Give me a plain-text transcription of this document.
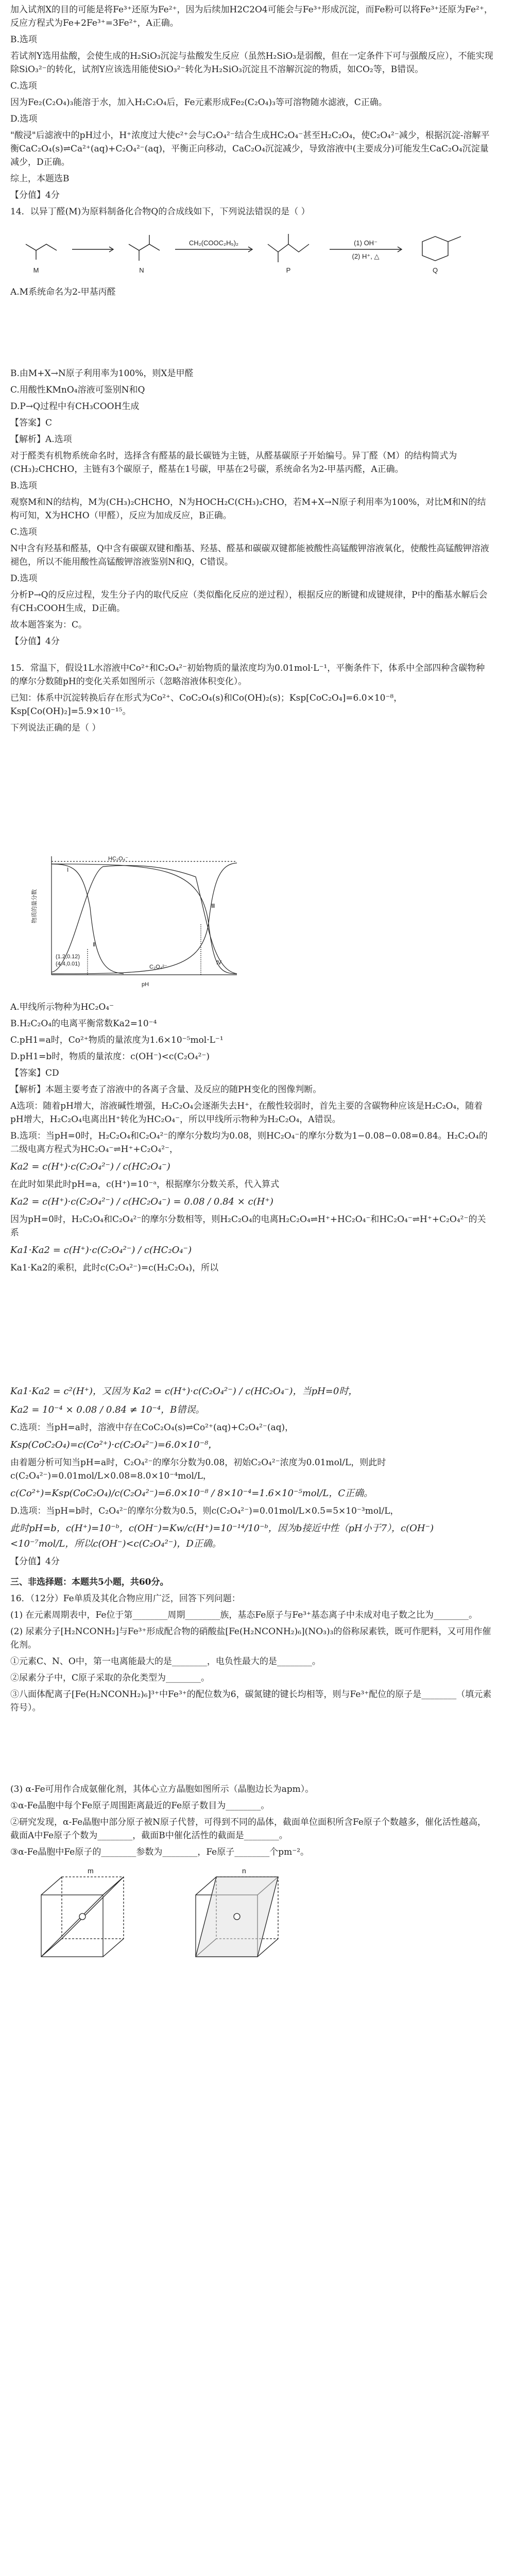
加入试剂X的目的可能是将Fe³⁺还原为Fe²⁺，因为后续加H2C2O4可能会与Fe³⁺形成沉淀，而Fe粉可以将Fe³⁺还原为Fe²⁺，反应方程式为Fe+2Fe³⁺=3Fe²⁺，A正确。
B.选项
若试剂Y选用盐酸，会使生成的H₂SiO₃沉淀与盐酸发生反应（虽然H₂SiO₃是弱酸，但在一定条件下可与强酸反应），不能实现除SiO₃²⁻的转化，试剂Y应该选用能使SiO₃²⁻转化为H₂SiO₃沉淀且不溶解沉淀的物质，如CO₂等，B错误。
C.选项
因为Fe₂(C₂O₄)₃能溶于水，加入H₂C₂O₄后，Fe元素形成Fe₂(C₂O₄)₃等可溶物随水滤液，C正确。
D.选项
"酸浸"后滤液中的pH过小，H⁺浓度过大使c²⁺会与C₂O₄²⁻结合生成HC₂O₄⁻甚至H₂C₂O₄，使C₂O₄²⁻减少，根据沉淀-溶解平衡CaC₂O₄(s)⇌Ca²⁺(aq)+C₂O₄²⁻(aq)，平衡正向移动，CaC₂O₄沉淀减少，导致溶液中(主要成分)可能发生CaC₂O₄沉淀量减少，D正确。
综上，本题选B
【分值】4分
14．以异丁醛(M)为原料制备化合物Q的合成线如下，下列说法错误的是（ ）
M	N	P	Q
CH₂(COOC₂H₅)₂	(1) OH⁻
(2) H⁺, △
A.M系统命名为2-甲基丙醛
B.由M+X→N原子利用率为100%，则X是甲醛
C.用酸性KMnO₄溶液可鉴别N和Q
D.P→Q过程中有CH₃COOH生成
【答案】C
【解析】A.选项
对于醛类有机物系统命名时，选择含有醛基的最长碳链为主链，从醛基碳原子开始编号。异丁醛（M）的结构简式为(CH₃)₂CHCHO，主链有3个碳原子，醛基在1号碳，甲基在2号碳，系统命名为2-甲基丙醛，A正确。
B.选项
观察M和N的结构，M为(CH₃)₂CHCHO，N为HOCH₂C(CH₃)₂CHO，若M+X→N原子利用率为100%，对比M和N的结构可知，X为HCHO（甲醛），反应为加成反应，B正确。
C.选项
N中含有羟基和醛基，Q中含有碳碳双键和酯基、羟基、醛基和碳碳双键都能被酸性高锰酸钾溶液氧化，使酸性高锰酸钾溶液褪色，所以不能用酸性高锰酸钾溶液鉴别N和Q，C错误。
D.选项
分析P→Q的反应过程，发生分子内的取代反应（类似酯化反应的逆过程），根据反应的断键和成键规律，P中的酯基水解后会有CH₃COOH生成，D正确。
故本题答案为：C。
【分值】4分
15．常温下，假设1L水溶液中Co²⁺和C₂O₄²⁻初始物质的量浓度均为0.01mol·L⁻¹，平衡条件下，体系中全部四种含碳物种的摩尔分数随pH的变化关系如图所示（忽略溶液体积变化）。
已知：体系中沉淀转换后存在形式为Co²⁺、CoC₂O₄(s)和Co(OH)₂(s)；Ksp[CoC₂O₄]=6.0×10⁻⁸，Ksp[Co(OH)₂]=5.9×10⁻¹⁵。
下列说法正确的是（ ）
HC₂O₄⁻
Ⅰ
Ⅱ
Ⅲ
Ⅳ
C₂O₄²⁻
(1.2,0.12)
(4.4,0.01)
pH
物质的量分数
A.甲线所示物种为HC₂O₄⁻
B.H₂C₂O₄的电离平衡常数Ka2=10⁻⁴
C.pH1=a时，Co²⁺物质的量浓度为1.6×10⁻⁵mol·L⁻¹
D.pH1=b时，物质的量浓度：c(OH⁻)<c(C₂O₄²⁻)
【答案】CD
【解析】本题主要考查了溶液中的各离子含量、及反应的随PH变化的图像判断。
A选项：随着pH增大，溶液碱性增强，H₂C₂O₄会逐渐失去H⁺，在酸性较弱时，首先主要的含碳物种应该是H₂C₂O₄，随着pH增大，H₂C₂O₄电离出H⁺转化为HC₂O₄⁻，所以甲线所示物种为H₂C₂O₄，A错误。
B.选项：当pH=0时，H₂C₂O₄和C₂O₄²⁻的摩尔分数均为0.08，则HC₂O₄⁻的摩尔分数为1−0.08−0.08=0.84。H₂C₂O₄的二级电离方程式为HC₂O₄⁻⇌H⁺+C₂O₄²⁻，
Ka2 = c(H⁺)·c(C₂O₄²⁻) / c(HC₂O₄⁻)
在此时如果此时pH=a，c(H⁺)=10⁻ᵃ，根据摩尔分数关系，代入算式
Ka2 = c(H⁺)·c(C₂O₄²⁻) / c(HC₂O₄⁻) = 0.08 / 0.84 × c(H⁺)
因为pH=0时，H₂C₂O₄和C₂O₄²⁻的摩尔分数相等，则H₂C₂O₄的电离H₂C₂O₄⇌H⁺+HC₂O₄⁻和HC₂O₄⁻⇌H⁺+C₂O₄²⁻的关系
Ka1·Ka2 = c(H⁺)·c(C₂O₄²⁻) / c(HC₂O₄⁻)
Ka1·Ka2的乘积，此时c(C₂O₄²⁻)=c(H₂C₂O₄)，所以
Ka1·Ka2 = c²(H⁺)，又因为 Ka2 = c(H⁺)·c(C₂O₄²⁻) / c(HC₂O₄⁻)，当pH=0时，
Ka2 = 10⁻⁴ × 0.08 / 0.84 ≠ 10⁻⁴，B错误。
C.选项：当pH=a时，溶液中存在CoC₂O₄(s)⇌Co²⁺(aq)+C₂O₄²⁻(aq)，
Ksp(CoC₂O₄)=c(Co²⁺)·c(C₂O₄²⁻)=6.0×10⁻⁸，
由着题分析可知当pH=a时，C₂O₄²⁻的摩尔分数为0.08，初始C₂O₄²⁻浓度为0.01mol/L，则此时c(C₂O₄²⁻)=0.01mol/L×0.08=8.0×10⁻⁴mol/L，
c(Co²⁺)=Ksp(CoC₂O₄)/c(C₂O₄²⁻)=6.0×10⁻⁸ / 8×10⁻⁴=1.6×10⁻⁵mol/L，C正确。
D.选项：当pH=b时，C₂O₄²⁻的摩尔分数为0.5，则c(C₂O₄²⁻)=0.01mol/L×0.5=5×10⁻³mol/L，
此时pH=b，c(H⁺)=10⁻ᵇ，c(OH⁻)=Kw/c(H⁺)=10⁻¹⁴/10⁻ᵇ，因为b接近中性（pH小于7），c(OH⁻)<10⁻⁷mol/L，所以c(OH⁻)<c(C₂O₄²⁻)，D正确。
【分值】4分
三、非选择题：本题共5小题，共60分。
16．（12分）Fe单质及其化合物应用广泛，回答下列问题：
(1) 在元素周期表中，Fe位于第________周期________族，基态Fe原子与Fe³⁺基态离子中未成对电子数之比为________。
(2) 尿素分子[H₂NCONH₂]与Fe³⁺形成配合物的硝酸盐[Fe(H₂NCONH₂)₆](NO₃)₃的俗称尿素铁，既可作肥料，又可用作催化剂。
①元素C、N、O中，第一电离能最大的是________，电负性最大的是________。
②尿素分子中，C原子采取的杂化类型为________。
③八面体配离子[Fe(H₂NCONH₂)₆]³⁺中Fe³⁺的配位数为6，碳氮键的键长均相等，则与Fe³⁺配位的原子是________（填元素符号）。
(3) α-Fe可用作合成氨催化剂，其体心立方晶胞如图所示（晶胞边长为apm）。
①α-Fe晶胞中每个Fe原子周围距离最近的Fe原子数目为________。
②研究发现，α-Fe晶胞中部分原子被N原子代替，可得到不同的晶体，截面单位面积所含Fe原子个数越多，催化活性越高，截面A中Fe原子个数为________，截面B中催化活性的截面是________。
③α-Fe晶胞中Fe原子的________参数为________，Fe原子________个pm⁻²。
m	n
